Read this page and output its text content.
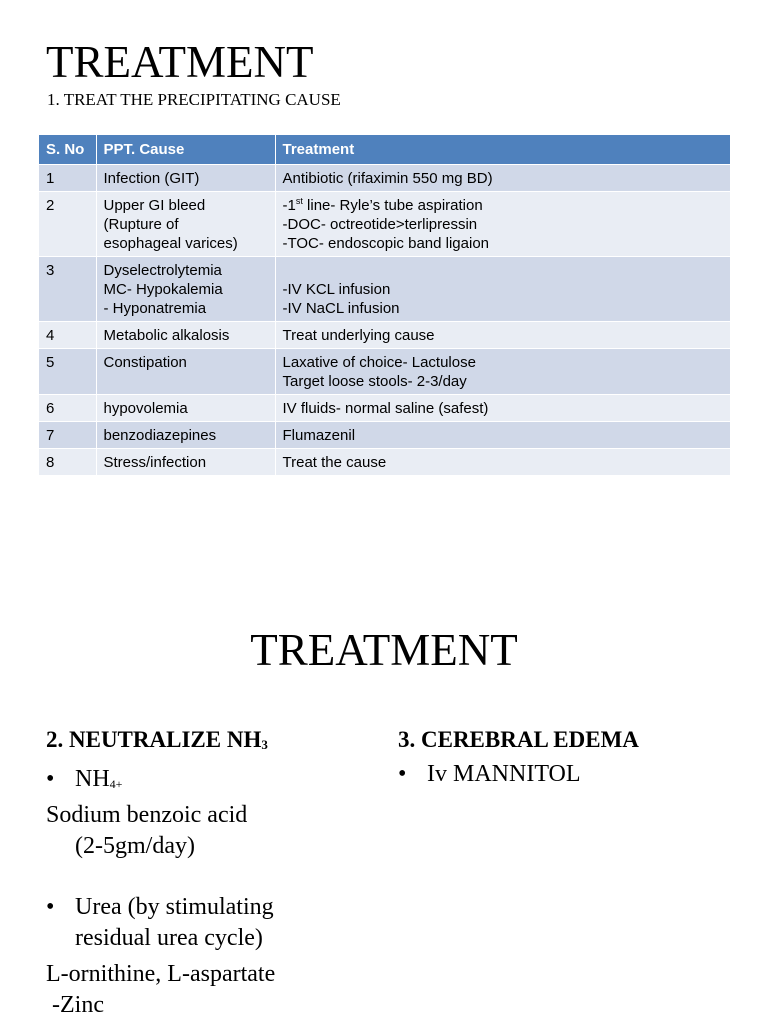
TREATMENT
1. TREAT THE PRECIPITATING CAUSE
S. No	PPT. Cause	Treatment
1	Infection (GIT)	Antibiotic (rifaximin 550 mg BD)

2	Upper GI bleed
(Rupture of
esophageal varices)	-1st line- Ryle’s tube aspiration
-DOC- octreotide>terlipressin
-TOC- endoscopic band ligaion

3	Dyselectrolytemia
MC- Hypokalemia
- Hyponatremia	-IV KCL infusion
-IV NaCL infusion

4	Metabolic alkalosis	Treat underlying cause

5	Constipation	Laxative of choice- Lactulose
Target loose stools- 2-3/day

6	hypovolemia	IV fluids- normal saline (safest)

7	benzodiazepines	Flumazenil

8	Stress/infection	Treat the cause
TREATMENT
2. NEUTRALIZE $NH_3$
• NH4+
Sodium benzoic acid
(2-5gm/day)
• Urea (by stimulating
residual urea cycle)
L-ornithine, L-aspartate
-Zinc
3. CEREBRAL EDEMA
• Iv MANNITOL
